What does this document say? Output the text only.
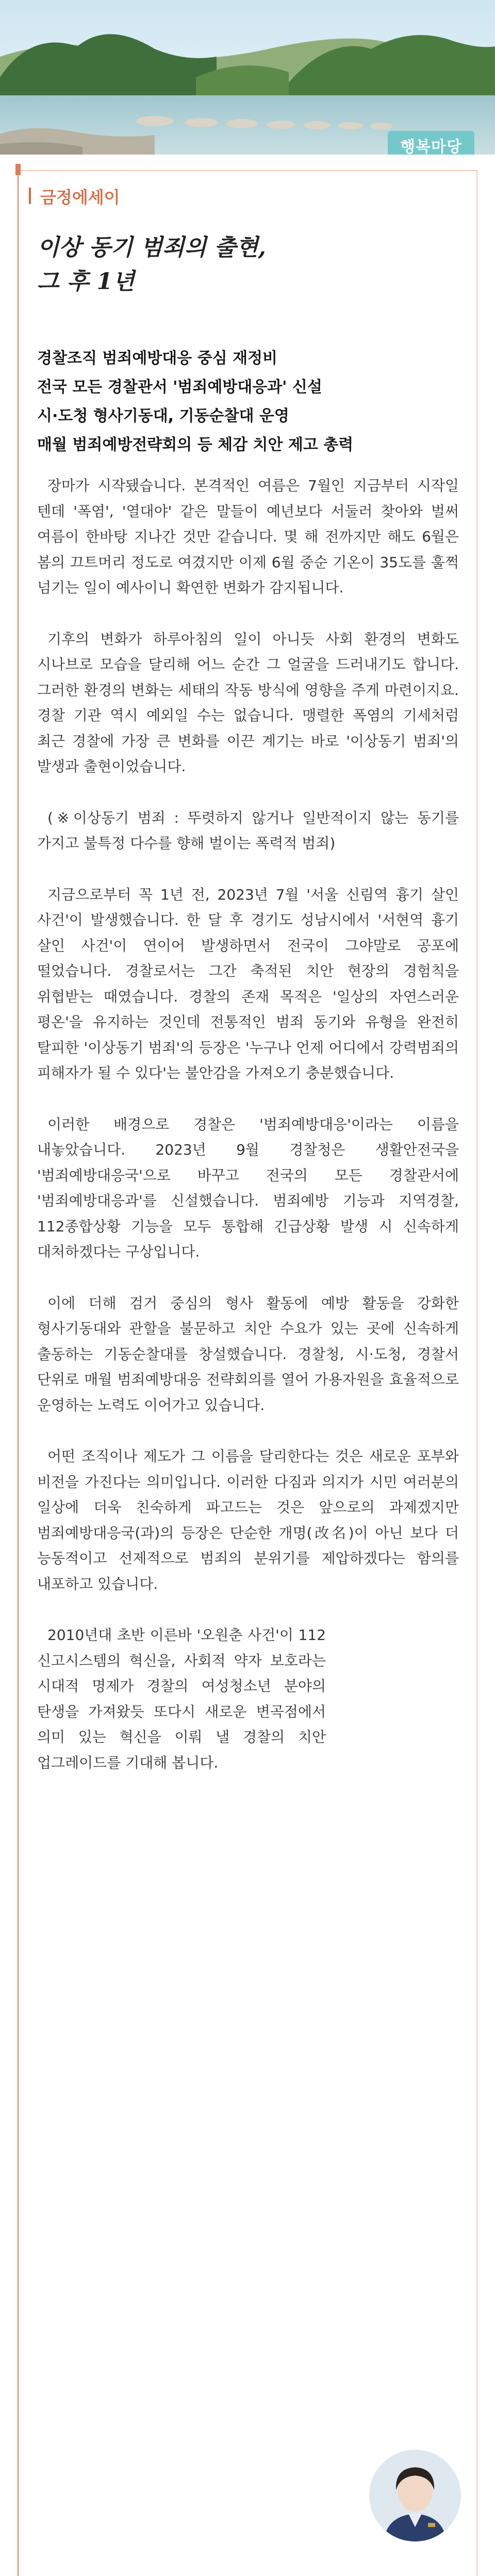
행복마당
금정에세이
이상 동기 범죄의 출현,
그 후 1년
경찰조직 범죄예방대응 중심 재정비
전국 모든 경찰관서 '범죄예방대응과' 신설
시·도청 형사기동대, 기동순찰대 운영
매월 범죄예방전략회의 등 체감 치안 제고 총력

장마가 시작됐습니다. 본격적인 여름은 7월인 지금부터 시작일 텐데 '폭염', '열대야' 같은 말들이 예년보다 서둘러 찾아와 벌써 여름이 한바탕 지나간 것만 같습니다. 몇 해 전까지만 해도 6월은 봄의 끄트머리 정도로 여겼지만 이제 6월 중순 기온이 35도를 훌쩍 넘기는 일이 예사이니 확연한 변화가 감지됩니다.

기후의 변화가 하루아침의 일이 아니듯 사회 환경의 변화도 시나브로 모습을 달리해 어느 순간 그 얼굴을 드러내기도 합니다. 그러한 환경의 변화는 세태의 작동 방식에 영향을 주게 마련이지요. 경찰 기관 역시 예외일 수는 없습니다. 맹렬한 폭염의 기세처럼 최근 경찰에 가장 큰 변화를 이끈 계기는 바로 '이상동기 범죄'의 발생과 출현이었습니다.

(※이상동기 범죄 : 뚜렷하지 않거나 일반적이지 않는 동기를 가지고 불특정 다수를 향해 벌이는 폭력적 범죄)

지금으로부터 꼭 1년 전, 2023년 7월 '서울 신림역 흉기 살인 사건'이 발생했습니다. 한 달 후 경기도 성남시에서 '서현역 흉기 살인 사건'이 연이어 발생하면서 전국이 그야말로 공포에 떨었습니다. 경찰로서는 그간 축적된 치안 현장의 경험칙을 위협받는 때였습니다. 경찰의 존재 목적은 '일상의 자연스러운 평온'을 유지하는 것인데 전통적인 범죄 동기와 유형을 완전히 탈피한 '이상동기 범죄'의 등장은 '누구나 언제 어디에서 강력범죄의 피해자가 될 수 있다'는 불안감을 가져오기 충분했습니다.

이러한 배경으로 경찰은 '범죄예방대응'이라는 이름을 내놓았습니다. 2023년 9월 경찰청은 생활안전국을 '범죄예방대응국'으로 바꾸고 전국의 모든 경찰관서에 '범죄예방대응과'를 신설했습니다. 범죄예방 기능과 지역경찰, 112종합상황 기능을 모두 통합해 긴급상황 발생 시 신속하게 대처하겠다는 구상입니다.

이에 더해 검거 중심의 형사 활동에 예방 활동을 강화한 형사기동대와 관할을 불문하고 치안 수요가 있는 곳에 신속하게 출동하는 기동순찰대를 창설했습니다. 경찰청, 시·도청, 경찰서 단위로 매월 범죄예방대응 전략회의를 열어 가용자원을 효율적으로 운영하는 노력도 이어가고 있습니다.

어떤 조직이나 제도가 그 이름을 달리한다는 것은 새로운 포부와 비전을 가진다는 의미입니다. 이러한 다짐과 의지가 시민 여러분의 일상에 더욱 친숙하게 파고드는 것은 앞으로의 과제겠지만 범죄예방대응국(과)의 등장은 단순한 개명(改名)이 아닌 보다 더 능동적이고 선제적으로 범죄의 분위기를 제압하겠다는 함의를 내포하고 있습니다.

2010년대 초반 이른바 '오원춘 사건'이 112 신고시스템의 혁신을, 사회적 약자 보호라는 시대적 명제가 경찰의 여성청소년 분야의 탄생을 가져왔듯 또다시 새로운 변곡점에서 의미 있는 혁신을 이뤄 낼 경찰의 치안 업그레이드를 기대해 봅니다.
